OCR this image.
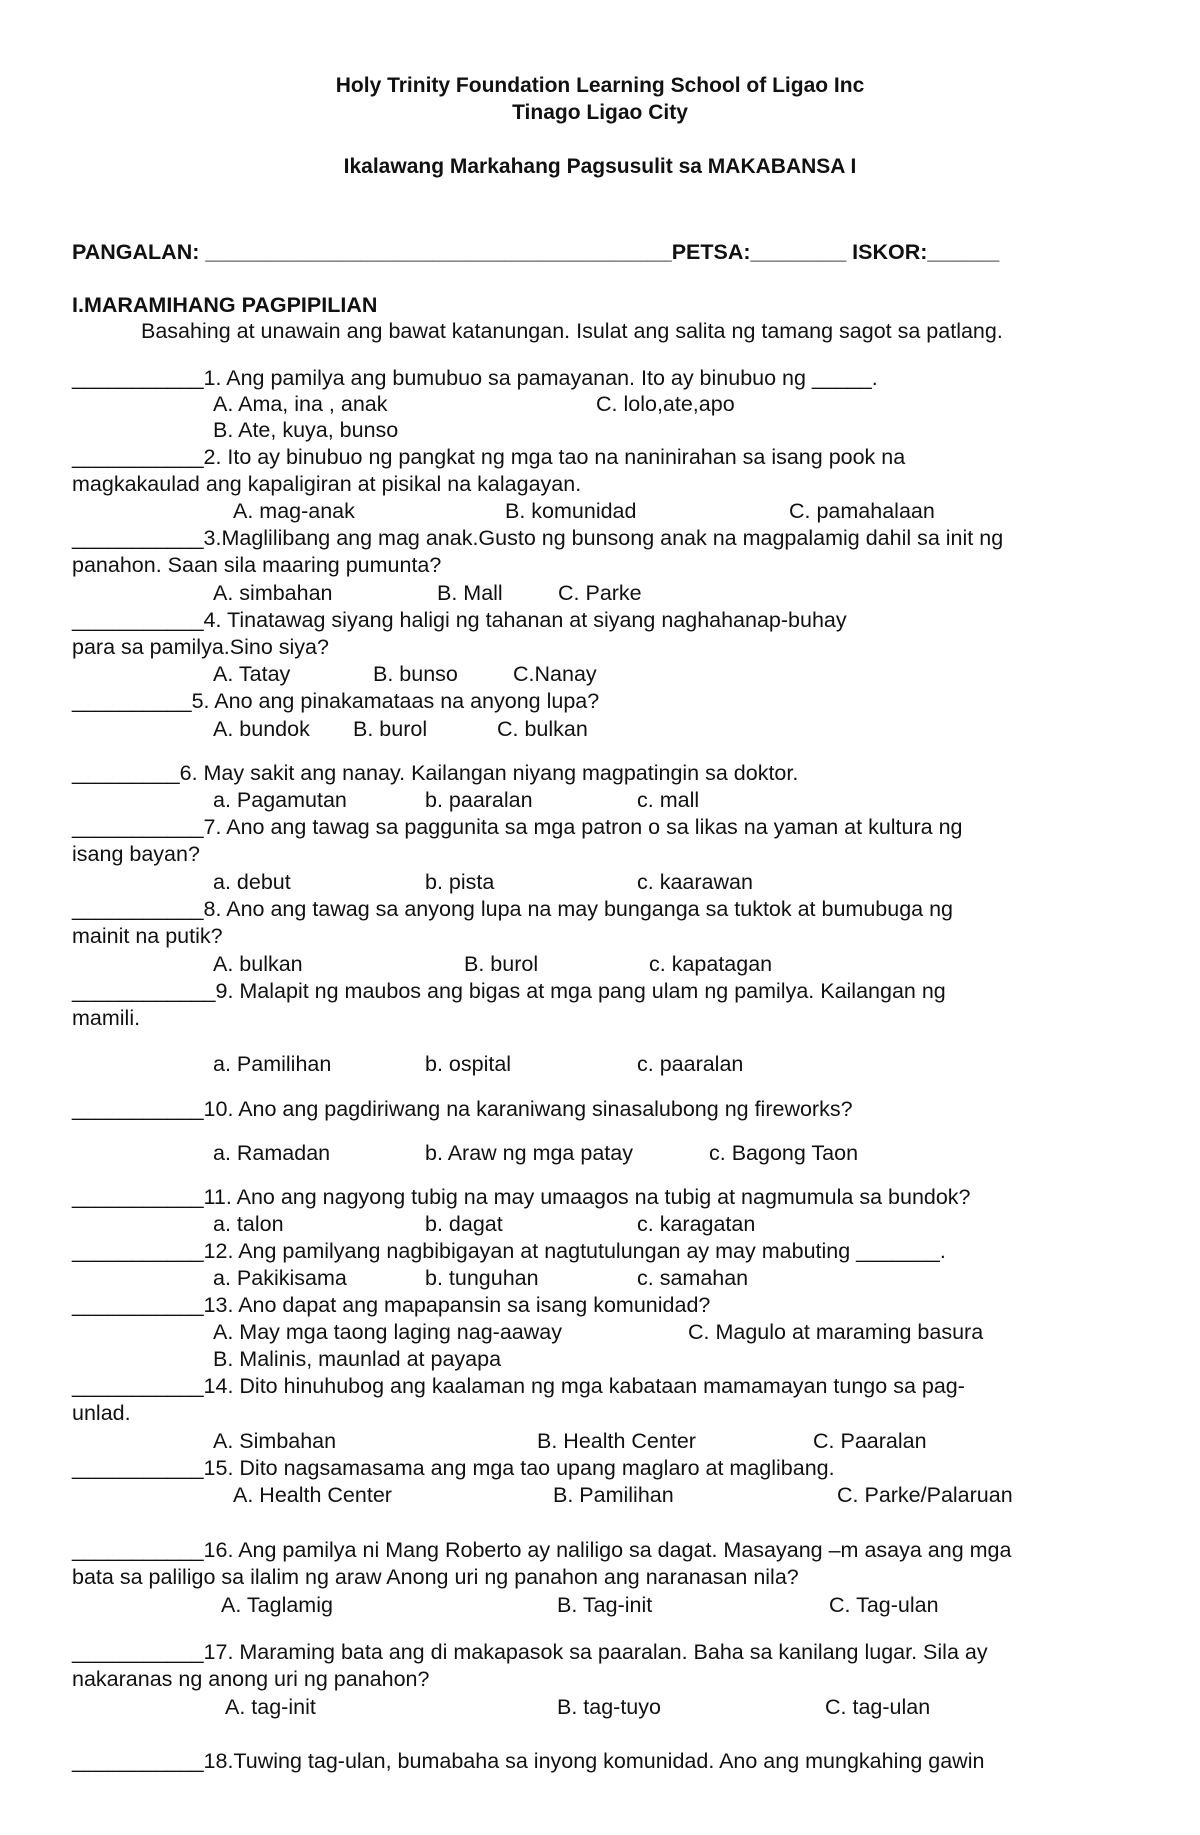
Holy Trinity Foundation Learning School of Ligao Inc
Tinago Ligao City
Ikalawang Markahang Pagsusulit sa MAKABANSA I
PANGALAN: _______________________________________PETSA:________ ISKOR:______
I.MARAMIHANG PAGPIPILIAN
Basahing at unawain ang bawat katanungan. Isulat ang salita ng tamang sagot sa patlang.
___________1. Ang pamilya ang bumubuo sa pamayanan. Ito ay binubuo ng _____.
A. Ama, ina , anak	C. lolo,ate,apo
B. Ate, kuya, bunso
___________2. Ito ay binubuo ng pangkat ng mga tao na naninirahan sa isang pook na
magkakaulad ang kapaligiran at pisikal na kalagayan.
A. mag-anak	B. komunidad	C. pamahalaan
___________3.Maglilibang ang mag anak.Gusto ng bunsong anak na magpalamig dahil sa init ng
panahon. Saan sila maaring pumunta?
A. simbahan	B. Mall	C. Parke
___________4. Tinatawag siyang haligi ng tahanan at siyang naghahanap-buhay
para sa pamilya.Sino siya?
A. Tatay	B. bunso	C.Nanay
__________5. Ano ang pinakamataas na anyong lupa?
A. bundok B. burol	C. bulkan
_________6. May sakit ang nanay. Kailangan niyang magpatingin sa doktor.
a. Pagamutan	b. paaralan	c. mall
___________7. Ano ang tawag sa paggunita sa mga patron o sa likas na yaman at kultura ng
isang bayan?
a. debut	b. pista	c. kaarawan
___________8. Ano ang tawag sa anyong lupa na may bunganga sa tuktok at bumubuga ng
mainit na putik?
A. bulkan	B. burol	c. kapatagan
____________9. Malapit ng maubos ang bigas at mga pang ulam ng pamilya. Kailangan ng
mamili.
a. Pamilihan	b. ospital	c. paaralan
___________10. Ano ang pagdiriwang na karaniwang sinasalubong ng fireworks?
a. Ramadan	b. Araw ng mga patay	c. Bagong Taon
___________11. Ano ang nagyong tubig na may umaagos na tubig at nagmumula sa bundok?
a. talon	b. dagat	c. karagatan
___________12. Ang pamilyang nagbibigayan at nagtutulungan ay may mabuting _______.
a. Pakikisama	b. tunguhan	c. samahan
___________13. Ano dapat ang mapapansin sa isang komunidad?
A. May mga taong laging nag-aaway	C. Magulo at maraming basura
B. Malinis, maunlad at payapa
___________14. Dito hinuhubog ang kaalaman ng mga kabataan mamamayan tungo sa pag-
unlad.
A. Simbahan	B. Health Center	C. Paaralan
___________15. Dito nagsamasama ang mga tao upang maglaro at maglibang.
A. Health Center	B. Pamilihan	C. Parke/Palaruan
___________16. Ang pamilya ni Mang Roberto ay naliligo sa dagat. Masayang –m asaya ang mga
bata sa paliligo sa ilalim ng araw Anong uri ng panahon ang naranasan nila?
A. Taglamig	B. Tag-init	C. Tag-ulan
___________17. Maraming bata ang di makapasok sa paaralan. Baha sa kanilang lugar. Sila ay
nakaranas ng anong uri ng panahon?
A. tag-init	B. tag-tuyo	C. tag-ulan
___________18.Tuwing tag-ulan, bumabaha sa inyong komunidad. Ano ang mungkahing gawin
